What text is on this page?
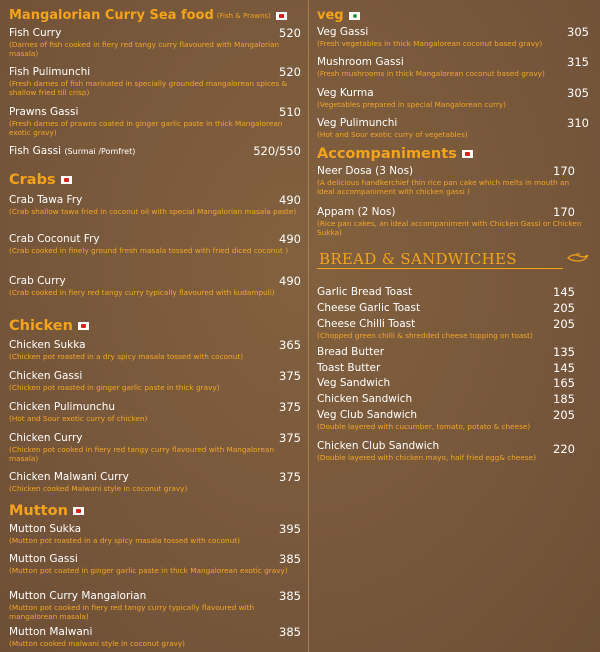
Mangalorian Curry Sea food (Fish & Prawns)
Fish Curry	520
(Darnes of fish cooked in fiery red tangy curry flavoured with Mangalorian masala)
Fish Pulimunchi	520
(Fresh darnes of fish marinated in specially grounded mangalorean spices & shallow fried till crisp)
Prawns Gassi	510
(Fresh darnes of prawns coated in ginger garlic paste in thick Mangalorean exotic gravy)
Fish Gassi (Surmai /Pomfret)	520/550
Crabs
Crab Tawa Fry	490
(Crab shallow tawa fried in coconut oil with special Mangalorian masala paste)
Crab Coconut Fry	490
(Crab cooked in finely ground fresh masala tossed with fried diced coconut )
Crab Curry	490
(Crab cooked in fiery red tangy curry typically flavoured with kudampuli)
Chicken
Chicken Sukka	365
(Chicken pot roasted in a dry spicy masala tossed with coconut)
Chicken Gassi	375
(Chicken pot roasted in ginger garlic paste in thick gravy)
Chicken Pulimunchu	375
(Hot and Sour exotic curry of chicken)
Chicken Curry	375
(Chicken pot cooked in fiery red tangy curry flavoured with Mangalorean masala)
Chicken Malwani Curry	375
(Chicken cooked Malwani style in coconut gravy)
Mutton
Mutton Sukka	395
(Mutton pot roasted in a dry spicy masala tossed with coconut)
Mutton Gassi	385
(Mutton pot coated in ginger garlic paste in thick Mangalorean exotic gravy)
Mutton Curry Mangalorian	385
(Mutton pot cooked in fiery red tangy curry typically flavoured with mangalorean masala)
Mutton Malwani	385
(Mutton cooked malwani style in coconut gravy)
veg
Veg Gassi	305
(Fresh vegetables in thick Mangalorean coconut based gravy)
Mushroom Gassi	315
(Fresh mushrooms in thick Mangalorean coconut based gravy)
Veg Kurma	305
(Vegetables prepared in special Mangalorean curry)
Veg Pulimunchi	310
(Hot and Sour exotic curry of vegetables)
Accompaniments
Neer Dosa (3 Nos)	170
(A delicious handkerchief thin rice pan cake which melts in mouth an ideal accompaniment with chicken gassi )
Appam (2 Nos)	170
(Rice pan cakes, an ideal accompaniment with Chicken Gassi or Chicken Sukka)
BREAD & SANDWICHES
Garlic Bread Toast	145
Cheese Garlic Toast	205
Cheese Chilli Toast	205
(Chopped green chilli & shredded cheese topping on toast)
Bread Butter	135
Toast Butter	145
Veg Sandwich	165
Chicken Sandwich	185
Veg Club Sandwich	205
(Double layered with cucumber, tomato, potato & cheese)
Chicken Club Sandwich	220
(Double layered with chicken mayo, half fried egg& cheese)
